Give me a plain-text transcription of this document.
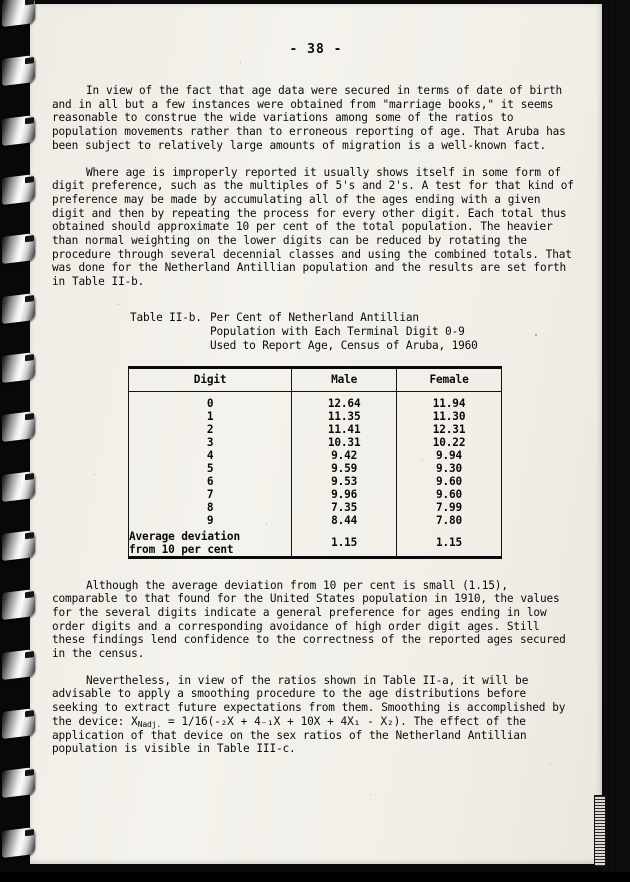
- 38 -

In view of the fact that age data were secured in terms of date of birth and in all but a few instances were obtained from "marriage books," it seems reasonable to construe the wide variations among some of the ratios to population movements rather than to erroneous reporting of age. That Aruba has been subject to relatively large amounts of migration is a well-known fact.

Where age is improperly reported it usually shows itself in some form of digit preference, such as the multiples of 5's and 2's. A test for that kind of preference may be made by accumulating all of the ages ending with a given digit and then by repeating the process for every other digit. Each total thus obtained should approximate 10 per cent of the total population. The heavier than normal weighting on the lower digits can be reduced by rotating the procedure through several decennial classes and using the combined totals. That was done for the Netherland Antillian population and the results are set forth in Table II-b.

Table II-b. Per Cent of Netherland Antillian
Population with Each Terminal Digit 0-9
Used to Report Age, Census of Aruba, 1960
Digit	Male	Female
0	12.64	11.94
1	11.35	11.30
2	11.41	12.31
3	10.31	10.22
4	9.42	9.94
5	9.59	9.30
6	9.53	9.60
7	9.96	9.60
8	7.35	7.99
9	8.44	7.80

Average deviation
from 10 per cent	1.15	1.15

Although the average deviation from 10 per cent is small (1.15), comparable to that found for the United States population in 1910, the values for the several digits indicate a general preference for ages ending in low order digits and a corresponding avoidance of high order digit ages. Still these findings lend confidence to the correctness of the reported ages secured in the census.

Nevertheless, in view of the ratios shown in Table II-a, it will be advisable to apply a smoothing procedure to the age distributions before seeking to extract future expectations from them. Smoothing is accomplished by the device: $X_{Nadj.} = 1/16(-_2X + 4_{-1}X + 10X + 4X_1 - X_2)$. The effect of the application of that device on the sex ratios of the Netherland Antillian population is visible in Table III-c.
